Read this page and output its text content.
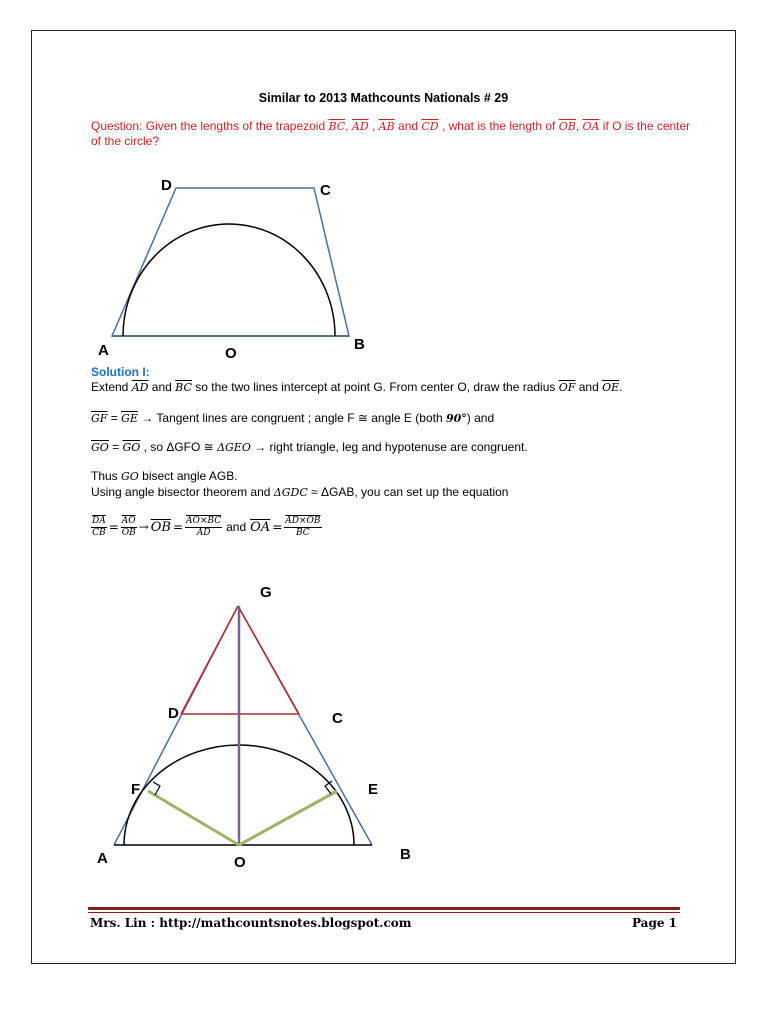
Similar to 2013 Mathcounts Nationals # 29
Question: Given the lengths of the trapezoid $\overline{BC}$, $\overline{AD}$ , $\overline{AB}$ and $\overline{CD}$ , what is the length of $\overline{OB}$, $\overline{OA}$ if O is the center of the circle?
D	C
A	B
O
Solution I:
Extend $\overline{AD}$ and $\overline{BC}$ so the two lines intercept at point G. From center O, draw the radius $\overline{OF}$ and $\overline{OE}$.
$\overline{GF} = \overline{GE}$ → Tangent lines are congruent ; angle F ≅ angle E (both 90°) and
$\overline{GO} = \overline{GO}$ , so ΔGFO ≅ ΔGEO → right triangle, leg and hypotenuse are congruent.
Thus GO bisect angle AGB.
Using angle bisector theorem and ΔGDC ≈ ΔGAB, you can set up the equation
$\frac{\overline{DA}}{CB} = \frac{\overline{AO}}{OB} \to \overline{OB} = \frac{AO\times BC}{AD}$ and $\overline{OA} = \frac{AD\times OB}{BC}$
G
D	C
F	E
A	B
O
Mrs. Lin : http://mathcountsnotes.blogspot.com	Page 1
